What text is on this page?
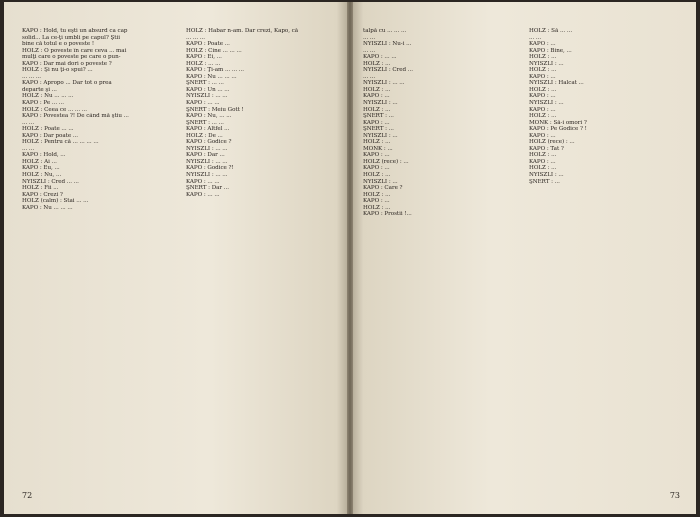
KAPO : Hold, tu eşti un absurd ca cap
solid... La ce-ţi umbli pe capul? Ştii
bine că totul e o poveste !
HOLZ : O poveste în care ceva ... mai
mulţi care o poveste pe care o pun-
KAPO : Dar mai dori o poveste ?
HOLZ : Şi nu ţi-o spui? ...
... ... ...
KAPO : Apropo ... Dar tot o prea
departe şi ...
HOLZ : Nu ... ... ...
KAPO : Pe ... ...
HOLZ : Ceea ce ... ... ...
KAPO : Povestea ?! De când mă ştiu ...
... ...
HOLZ : Poate ... ...
KAPO : Dar poate ...
HOLZ : Pentru că ... ... ... ...
... ...
KAPO : Hold, ...
HOLZ : Ai ...
KAPO : Eu, ...
HOLZ : Nu, ...
NYISZLI : Cred ... ...
HOLZ : Fii ...
KAPO : Crezi ?
HOLZ (calm) : Stai ... ...
KAPO : Nu ... ... ...
HOLZ : Habar n-am. Dar crezi, Kapo, că
... ... ...
KAPO : Poate ...
HOLZ : Cine ... ... ...
KAPO : Ei, ...
HOLZ : ... ...
KAPO : Ţi-am ... ... ...
KAPO : Nu ... ... ...
ŞNERT : ... ...
KAPO : Un ... ...
NYISZLI : ... ...
KAPO : ... ...
ŞNERT : Meiu Gott !
KAPO : Nu, ... ...
ŞNERT : ... ...
KAPO : Altfel ...
HOLZ : De ...
KAPO : Godice ?
NYISZLI : ... ...
KAPO : Dar ...
NYISZLI : ... ...
KAPO : Godice ?!
NYISZLI : ... ...
KAPO : ... ...
ŞNERT : Dar ...
KAPO : ... ...
72
talpă cu ... ... ...
... ...
NYISZLI : Nu-i ...
... ...
KAPO : ... ...
HOLZ : ...
NYISZLI : Cred ...
... ...
NYISZLI : ... ...
HOLZ : ...
KAPO : ...
NYISZLI : ...
HOLZ : ...
ŞNERT : ...
KAPO : ...
ŞNERT : ...
NYISZLI : ...
HOLZ : ...
MONK : ...
KAPO : ...
HOLZ (rece) : ...
KAPO : ...
HOLZ : ...
NYISZLI : ...
KAPO : Care ?
HOLZ : ...
KAPO : ...
HOLZ : ...
KAPO : Prostii !...
HOLZ : Să ... ...
... ...
KAPO : ...
KAPO : Bine, ...
HOLZ : ...
NYISZLI : ...
HOLZ : ...
KAPO : ...
NYISZLI : Halcat ...
HOLZ : ...
KAPO : ...
NYISZLI : ...
KAPO : ...
HOLZ : ...
MONK : Să-i omori ?
KAPO : Pe Godice ? !
KAPO : ...
HOLZ (rece) : ...
KAPO : Tat ?
HOLZ : ...
KAPO : ...
HOLZ : ...
NYISZLI : ...
ŞNERT : ...
73
